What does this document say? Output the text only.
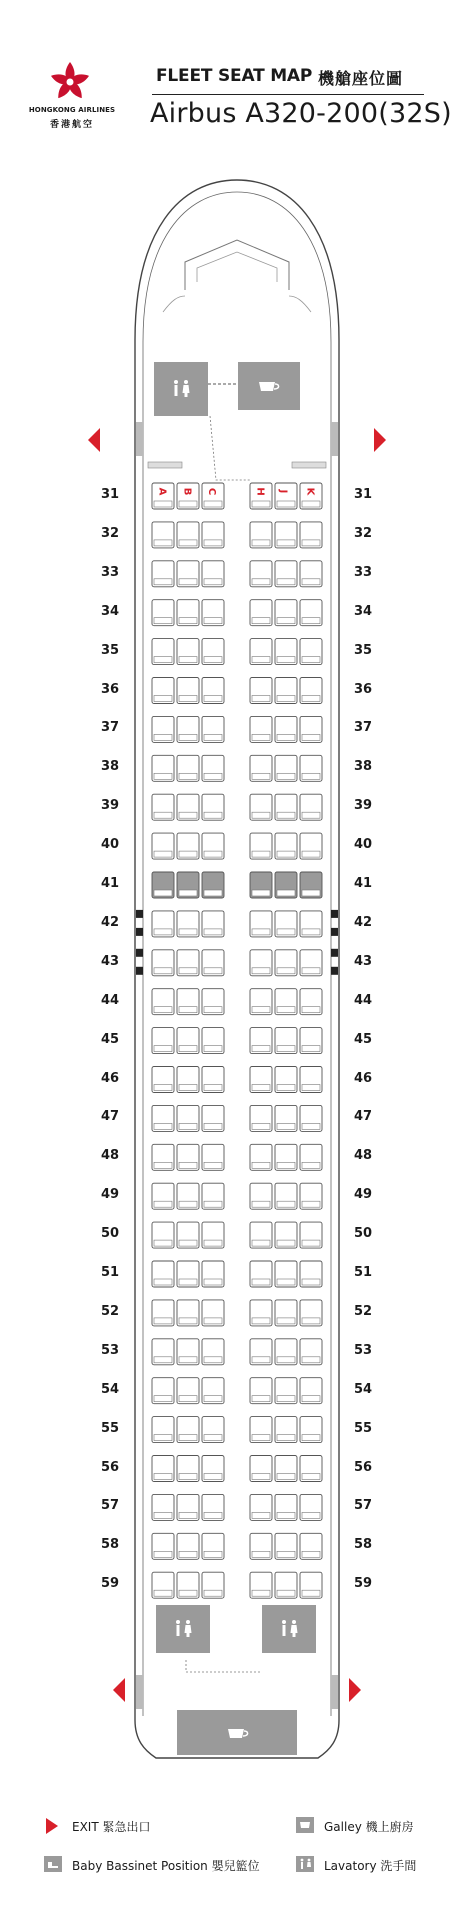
HONGKONG AIRLINES
香港航空
FLEET SEAT MAP 機艙座位圖
Airbus A320-200(32S)
31	31
32	32
33	33
34	34
35	35
36	36
37	37
38	38
39	39
40	40
41	41
42	42
43	43
44	44
45	45
46	46
47	47
48	48
49	49
50	50
51	51
52	52
53	53
54	54
55	55
56	56
57	57
58	58
59	59
A B C	H J K
EXIT 緊急出口	Galley 機上廚房
Baby Bassinet Position 嬰兒籃位	Lavatory 洗手間
